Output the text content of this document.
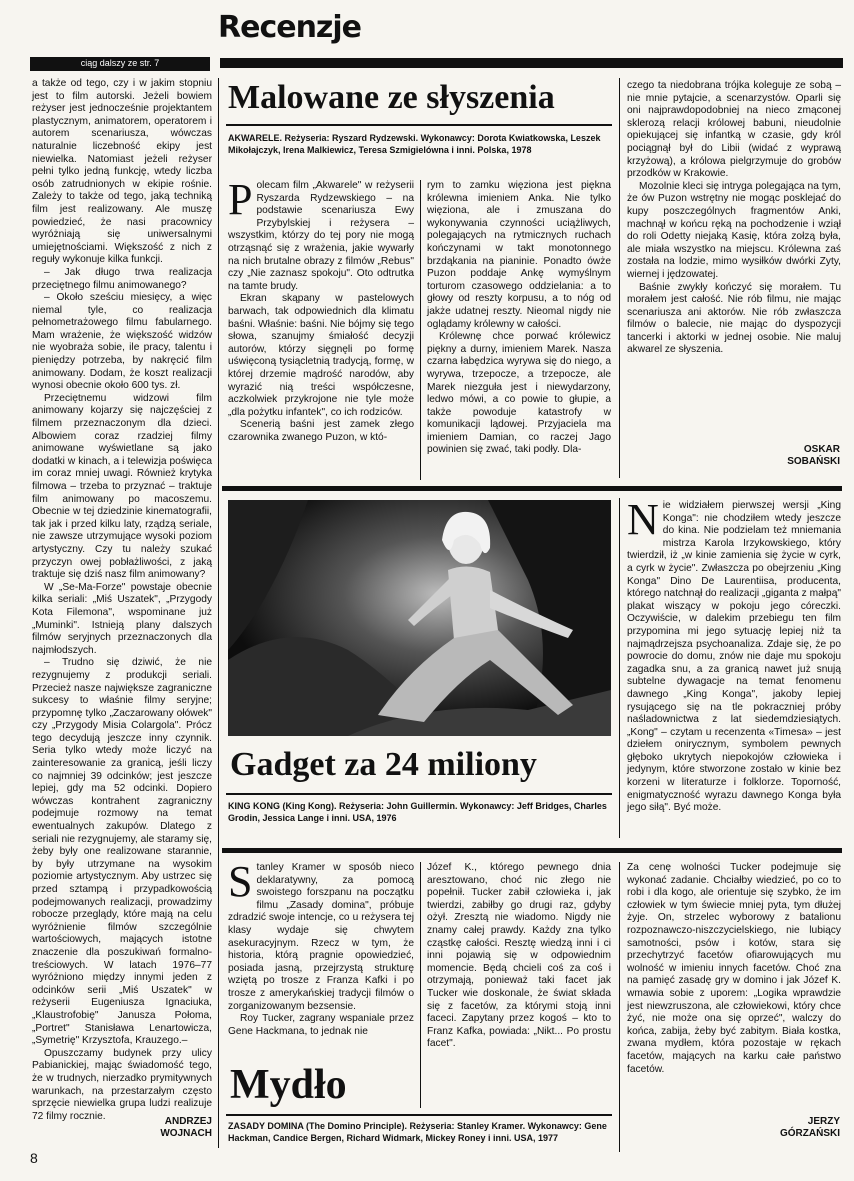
Recenzje
ciąg dalszy ze str. 7

a także od tego, czy i w jakim stopniu jest to film autorski. Jeżeli bowiem reżyser jest jednocześnie projektantem plastycznym, animatorem, operatorem i autorem scenariusza, wówczas naturalnie liczebność ekipy jest niewielka. Natomiast jeżeli reżyser pełni tylko jedną funkcję, wtedy liczba osób zatrudnionych w ekipie rośnie. Zależy to także od tego, jaką techniką film jest realizowany. Ale muszę powiedzieć, że nasi pracownicy wyróżniają się uniwersalnymi umiejętnościami. Większość z nich z reguły wykonuje kilka funkcji.

– Jak długo trwa realizacja przeciętnego filmu animowanego?

– Około sześciu miesięcy, a więc niemal tyle, co realizacja pełnometrażowego filmu fabularnego. Mam wrażenie, że większość widzów nie wyobraża sobie, ile pracy, talentu i pieniędzy potrzeba, by nakręcić film animowany. Dodam, że koszt realizacji wynosi obecnie około 600 tys. zł.

Przeciętnemu widzowi film animowany kojarzy się najczęściej z filmem przeznaczonym dla dzieci. Albowiem coraz rzadziej filmy animowane wyświetlane są jako dodatki w kinach, a i telewizja poświęca im coraz mniej uwagi. Również krytyka filmowa – trzeba to przyznać – traktuje film animowany po macoszemu. Obecnie w tej dziedzinie kinematografii, tak jak i przed kilku laty, rządzą seriale, nie zawsze utrzymujące wysoki poziom artystyczny. Czy tu należy szukać przyczyn owej pobłażliwości, z jaką traktuje się dziś nasz film animowany?

W „Se-Ma-Forze" powstaje obecnie kilka seriali: „Miś Uszatek", „Przygody Kota Filemona", wspominane już „Muminki". Istnieją plany dalszych filmów seryjnych przeznaczonych dla najmłodszych.

– Trudno się dziwić, że nie rezygnujemy z produkcji seriali. Przecież nasze największe zagraniczne sukcesy to właśnie filmy seryjne; przypomnę tylko „Zaczarowany ołówek" czy „Przygody Misia Colargola". Prócz tego decydują jeszcze inny czynnik. Seria tylko wtedy może liczyć na zainteresowanie za granicą, jeśli liczy co najmniej 39 odcinków; jest jeszcze lepiej, gdy ma 52 odcinki. Dopiero wówczas kontrahent zagraniczny podejmuje rozmowy na temat ewentualnych zakupów. Dlatego z seriali nie rezygnujemy, ale staramy się, żeby były one realizowane starannie, by były utrzymane na wysokim poziomie artystycznym. Aby ustrzec się przed sztampą i przypadkowością podejmowanych realizacji, prowadzimy robocze przeglądy, które mają na celu wyróżnienie filmów szczególnie wartościowych, mających istotne znaczenie dla poszukiwań formalno-treściowych. W latach 1976–77 wyróżniono między innymi jeden z odcinków serii „Miś Uszatek" w reżyserii Eugeniusza Ignaciuka, „Klaustrofobię" Janusza Połoma, „Portret" Stanisława Lenartowicza, „Symetrię" Krzysztofa, Krauzego.–

Opuszczamy budynek przy ulicy Pabianickiej, mając świadomość tego, że w trudnych, nierzadko prymitywnych warunkach, na przestarzałym często sprzęcie niewielka grupa ludzi realizuje 72 filmy rocznie.	ANDRZEJ
WOJNACH
Malowane ze słyszenia
AKWARELE. Reżyseria: Ryszard Rydzewski. Wykonawcy: Dorota Kwiatkowska, Leszek Mikołajczyk, Irena Malkiewicz, Teresa Szmigielówna i inni. Polska, 1978

Polecam film „Akwarele" w reżyserii Ryszarda Rydzewskiego – na podstawie scenariusza Ewy Przybylskiej i reżysera – wszystkim, którzy do tej pory nie mogą otrząsnąć się z wrażenia, jakie wywarły na nich brutalne obrazy z filmów „Rebus" czy „Nie zaznasz spokoju". Oto odtrutka na tamte brudy.

Ekran skąpany w pastelowych barwach, tak odpowiednich dla klimatu baśni. Właśnie: baśni. Nie bójmy się tego słowa, szanujmy śmiałość decyzji autorów, którzy sięgnęli po formę uświęconą tysiącletnią tradycją, formę, w której drzemie mądrość narodów, aby wyrazić nią treści współczesne, aczkolwiek przykrojone nie tyle może „dla pożytku infantek", co ich rodziców.

Scenerią baśni jest zamek złego czarownika zwanego Puzon, w któ-

rym to zamku więziona jest piękna królewna imieniem Anka. Nie tylko więziona, ale i zmuszana do wykonywania czynności uciążliwych, polegających na rytmicznych ruchach kończynami w takt monotonnego brzdąkania na pianinie. Ponadto ówże Puzon poddaje Ankę wymyślnym torturom czasowego oddzielania: a to głowy od reszty korpusu, a to nóg od jakże udatnej reszty. Nieomal nigdy nie oglądamy królewny w całości.

Królewnę chce porwać królewicz piękny a durny, imieniem Marek. Nasza czarna łabędzica wyrywa się do niego, a wyrywa, trzepocze, a trzepocze, ale Marek niezguła jest i niewydarzony, ledwo mówi, a co powie to głupie, a także powoduje katastrofy w komunikacji lądowej. Przyjaciela ma imieniem Damian, co raczej Jago powinien się zwać, taki podły. Dla-

czego ta niedobrana trójka koleguje ze sobą – nie mnie pytajcie, a scenarzystów. Oparli się oni najprawdopodobniej na nieco zmąconej sklerozą relacji królowej babuni, nieudolnie opiekującej się infantką w czasie, gdy król pociągnął był do Libii (widać z wyprawą krzyżową), a królowa pielgrzymuje do grobów przodków w Krakowie.

Mozolnie kleci się intryga polegająca na tym, że ów Puzon wstrętny nie mogąc posklejać do kupy poszczególnych fragmentów Anki, machnął w końcu ręką na pochodzenie i wziął do roli Odetty niejaką Kasię, która zołzą była, ale miała wszystko na miejscu. Królewna zaś została na lodzie, mimo wysiłków dwórki Zyty, wiernej i jędzowatej.

Baśnie zwykły kończyć się morałem. Tu morałem jest całość. Nie rób filmu, nie mając scenariusza ani aktorów. Nie rób zwłaszcza filmów o balecie, nie mając do dyspozycji tancerki i aktorki w jednej osobie. Nie maluj akwarel ze słyszenia.

OSKAR
SOBAŃSKI
Gadget za 24 miliony
KING KONG (King Kong). Reżyseria: John Guillermin. Wykonawcy: Jeff Bridges, Charles Grodin, Jessica Lange i inni. USA, 1976

Nie widziałem pierwszej wersji „King Konga": nie chodziłem wtedy jeszcze do kina. Nie podzielam też mniemania mistrza Karola Irzykowskiego, który twierdził, iż „w kinie zamienia się życie w cyrk, a cyrk w życie". Zwłaszcza po obejrzeniu „King Konga" Dino De Laurentiisa, producenta, którego natchnął do realizacji „giganta z małpą" plakat wiszący w pokoju jego córeczki. Oczywiście, w dalekim przebiegu ten film przypomina mi jego sytuację lepiej niż ta najmądrzejsza psychoanaliza. Zdaje się, że po powrocie do domu, znów nie daje mu spokoju zagadka snu, a za granicą nawet już snują subtelne dywagacje na temat fenomenu dawnego „King Konga", jakoby lepiej rysującego się na tle pokraczniej próby naśladownictwa z lat siedemdziesiątych. „Kong" – czytam u recenzenta «Timesa» – jest dziełem onirycznym, symbolem pewnych głęboko ukrytych niepokojów człowieka i jedynym, które stworzone zostało w kinie bez korzeni w literaturze i folklorze. Toporność, enigmatyczność wyrazu dawnego Konga była jego siłą". Być może.

Stanley Kramer w sposób nieco deklaratywny, za pomocą swoistego forszpanu na początku filmu „Zasady domina", próbuje zdradzić swoje intencje, co u reżysera tej klasy wydaje się chwytem asekuracyjnym. Rzecz w tym, że historia, którą pragnie opowiedzieć, posiada jasną, przejrzystą strukturę wziętą po trosze z Franza Kafki i po trosze z amerykańskiej tradycji filmów o zorganizowanym bezsensie.

Roy Tucker, zagrany wspaniale przez Gene Hackmana, to jednak nie

Mydło
ZASADY DOMINA (The Domino Principle). Reżyseria: Stanley Kramer. Wykonawcy: Gene Hackman, Candice Bergen, Richard Widmark, Mickey Roney i inni. USA, 1977

Józef K., którego pewnego dnia aresztowano, choć nic złego nie popełnił. Tucker zabił człowieka i, jak twierdzi, zabiłby go drugi raz, gdyby ożył. Zresztą nie wiadomo. Nigdy nie znamy całej prawdy. Każdy zna tylko cząstkę całości. Resztę wiedzą inni i ci inni pojawią się w odpowiednim momencie. Będą chcieli coś za coś i otrzymają, ponieważ taki facet jak Tucker wie doskonale, że świat składa się z facetów, za którymi stoją inni faceci. Zapytany przez kogoś – kto to Franz Kafka, powiada: „Nikt... Po prostu facet".

Za cenę wolności Tucker podejmuje się wykonać zadanie. Chciałby wiedzieć, po co to robi i dla kogo, ale orientuje się szybko, że im człowiek w tym świecie mniej pyta, tym dłużej żyje. On, strzelec wyborowy z batalionu rozpoznawczo-niszczycielskiego, nie lubiący samotności, psów i kotów, stara się przechytrzyć facetów ofiarowujących mu wolność w imieniu innych facetów. Choć zna na pamięć zasadę gry w domino i jak Józef K. wmawia sobie z uporem: „Logika wprawdzie jest niewzruszona, ale człowiekowi, który chce żyć, nie może ona się oprzeć", walczy do końca, zabija, żeby być zabitym. Biała kostka, zwana mydłem, która pozostaje w rękach facetów, mających na karku całe państwo facetów.

JERZY
GÓRZAŃSKI
8
